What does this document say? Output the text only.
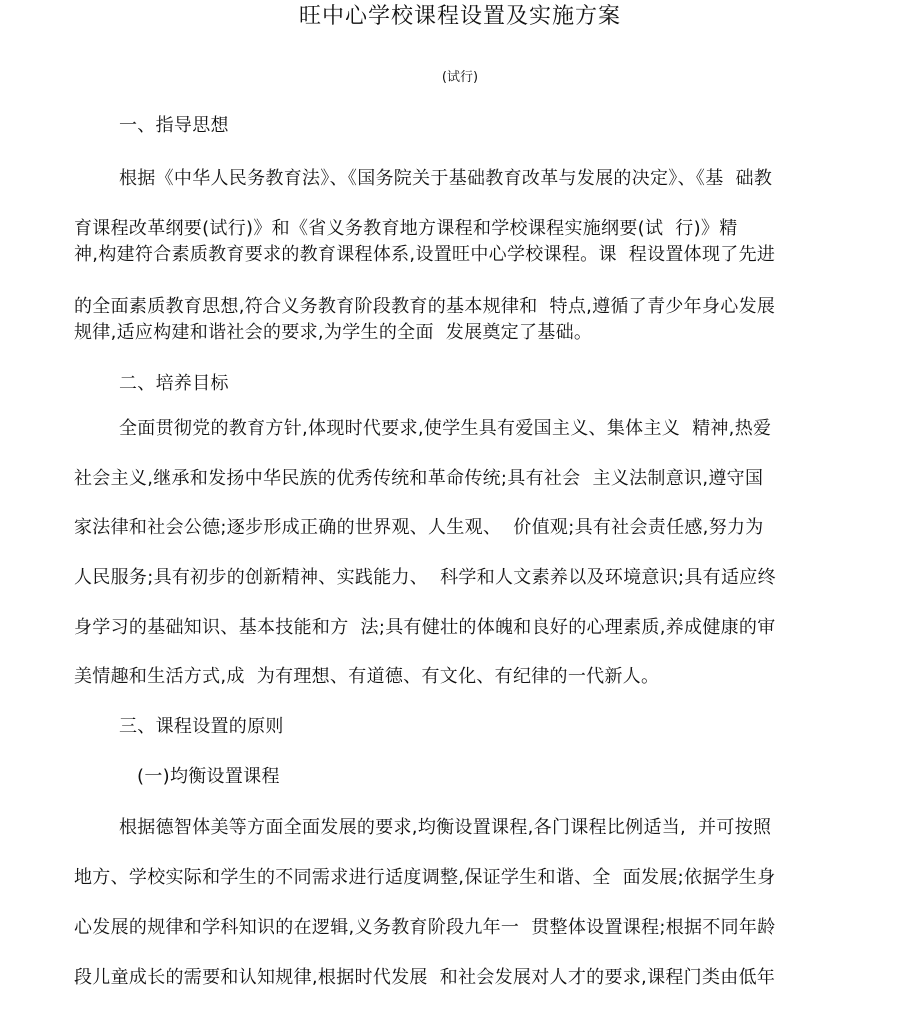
旺中心学校课程设置及实施方案
(试行)
一、指导思想
根据《中华人民务教育法》、《国务院关于基础教育改革与发展的决定》、《基  础教
育课程改革纲要(试行)》和《省义务教育地方课程和学校课程实施纲要(试  行)》精
神,构建符合素质教育要求的教育课程体系,设置旺中心学校课程。课  程设置体现了先进
的全面素质教育思想,符合义务教育阶段教育的基本规律和  特点,遵循了青少年身心发展
规律,适应构建和谐社会的要求,为学生的全面  发展奠定了基础。
二、培养目标
全面贯彻党的教育方针,体现时代要求,使学生具有爱国主义、集体主义  精神,热爱
社会主义,继承和发扬中华民族的优秀传统和革命传统;具有社会  主义法制意识,遵守国
家法律和社会公德;逐步形成正确的世界观、人生观、  价值观;具有社会责任感,努力为
人民服务;具有初步的创新精神、实践能力、  科学和人文素养以及环境意识;具有适应终
身学习的基础知识、基本技能和方  法;具有健壮的体魄和良好的心理素质,养成健康的审
美情趣和生活方式,成  为有理想、有道德、有文化、有纪律的一代新人。
三、课程设置的原则
(一)均衡设置课程
根据德智体美等方面全面发展的要求,均衡设置课程,各门课程比例适当,  并可按照
地方、学校实际和学生的不同需求进行适度调整,保证学生和谐、全  面发展;依据学生身
心发展的规律和学科知识的在逻辑,义务教育阶段九年一  贯整体设置课程;根据不同年龄
段儿童成长的需要和认知规律,根据时代发展  和社会发展对人才的要求,课程门类由低年
